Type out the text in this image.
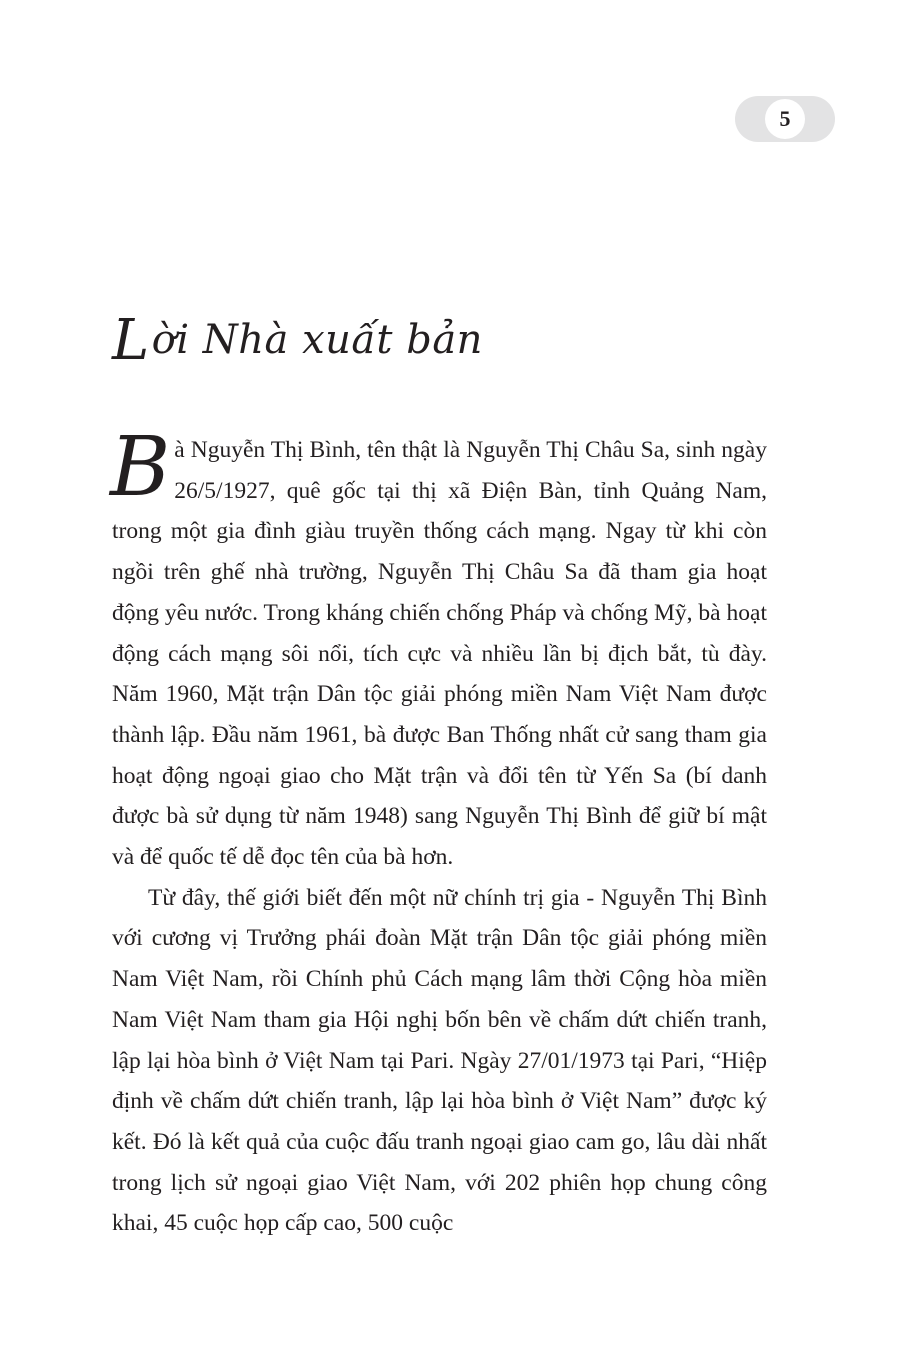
5
Lời Nhà xuất bản

Bà Nguyễn Thị Bình, tên thật là Nguyễn Thị Châu Sa, sinh ngày 26/5/1927, quê gốc tại thị xã Điện Bàn, tỉnh Quảng Nam, trong một gia đình giàu truyền thống cách mạng. Ngay từ khi còn ngồi trên ghế nhà trường, Nguyễn Thị Châu Sa đã tham gia hoạt động yêu nước. Trong kháng chiến chống Pháp và chống Mỹ, bà hoạt động cách mạng sôi nổi, tích cực và nhiều lần bị địch bắt, tù đày. Năm 1960, Mặt trận Dân tộc giải phóng miền Nam Việt Nam được thành lập. Đầu năm 1961, bà được Ban Thống nhất cử sang tham gia hoạt động ngoại giao cho Mặt trận và đổi tên từ Yến Sa (bí danh được bà sử dụng từ năm 1948) sang Nguyễn Thị Bình để giữ bí mật và để quốc tế dễ đọc tên của bà hơn.

Từ đây, thế giới biết đến một nữ chính trị gia - Nguyễn Thị Bình với cương vị Trưởng phái đoàn Mặt trận Dân tộc giải phóng miền Nam Việt Nam, rồi Chính phủ Cách mạng lâm thời Cộng hòa miền Nam Việt Nam tham gia Hội nghị bốn bên về chấm dứt chiến tranh, lập lại hòa bình ở Việt Nam tại Pari. Ngày 27/01/1973 tại Pari, “Hiệp định về chấm dứt chiến tranh, lập lại hòa bình ở Việt Nam” được ký kết. Đó là kết quả của cuộc đấu tranh ngoại giao cam go, lâu dài nhất trong lịch sử ngoại giao Việt Nam, với 202 phiên họp chung công khai, 45 cuộc họp cấp cao, 500 cuộc
